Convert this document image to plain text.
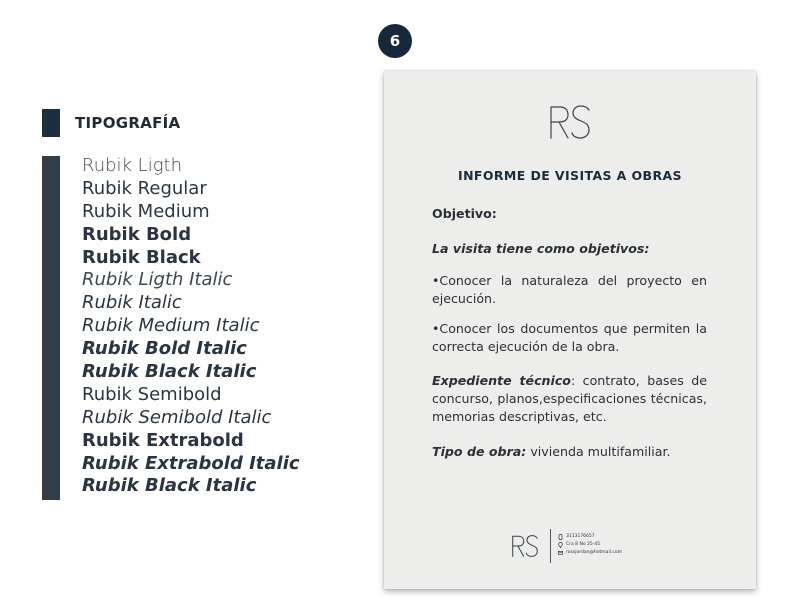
6
TIPOGRAFÍA
Rubik Ligth
Rubik Regular
Rubik Medium
Rubik Bold
Rubik Black
Rubik Ligth Italic
Rubik Italic
Rubik Medium Italic
Rubik Bold Italic
Rubik Black Italic
Rubik Semibold
Rubik Semibold Italic
Rubik Extrabold
Rubik Extrabold Italic
Rubik Black Italic
INFORME DE VISITAS A OBRAS

Objetivo:

La visita tiene como objetivos:

•Conocer la naturaleza del proyecto en ejecución.

•Conocer los documentos que permiten la correcta ejecución de la obra.

Expediente técnico: contrato, bases de concurso, planos,especificaciones técnicas, memorias descriptivas, etc.

Tipo de obra: vivienda multifamiliar.

3113176657
Cra 8 No 25-45
rossjordan@hotmail.com
